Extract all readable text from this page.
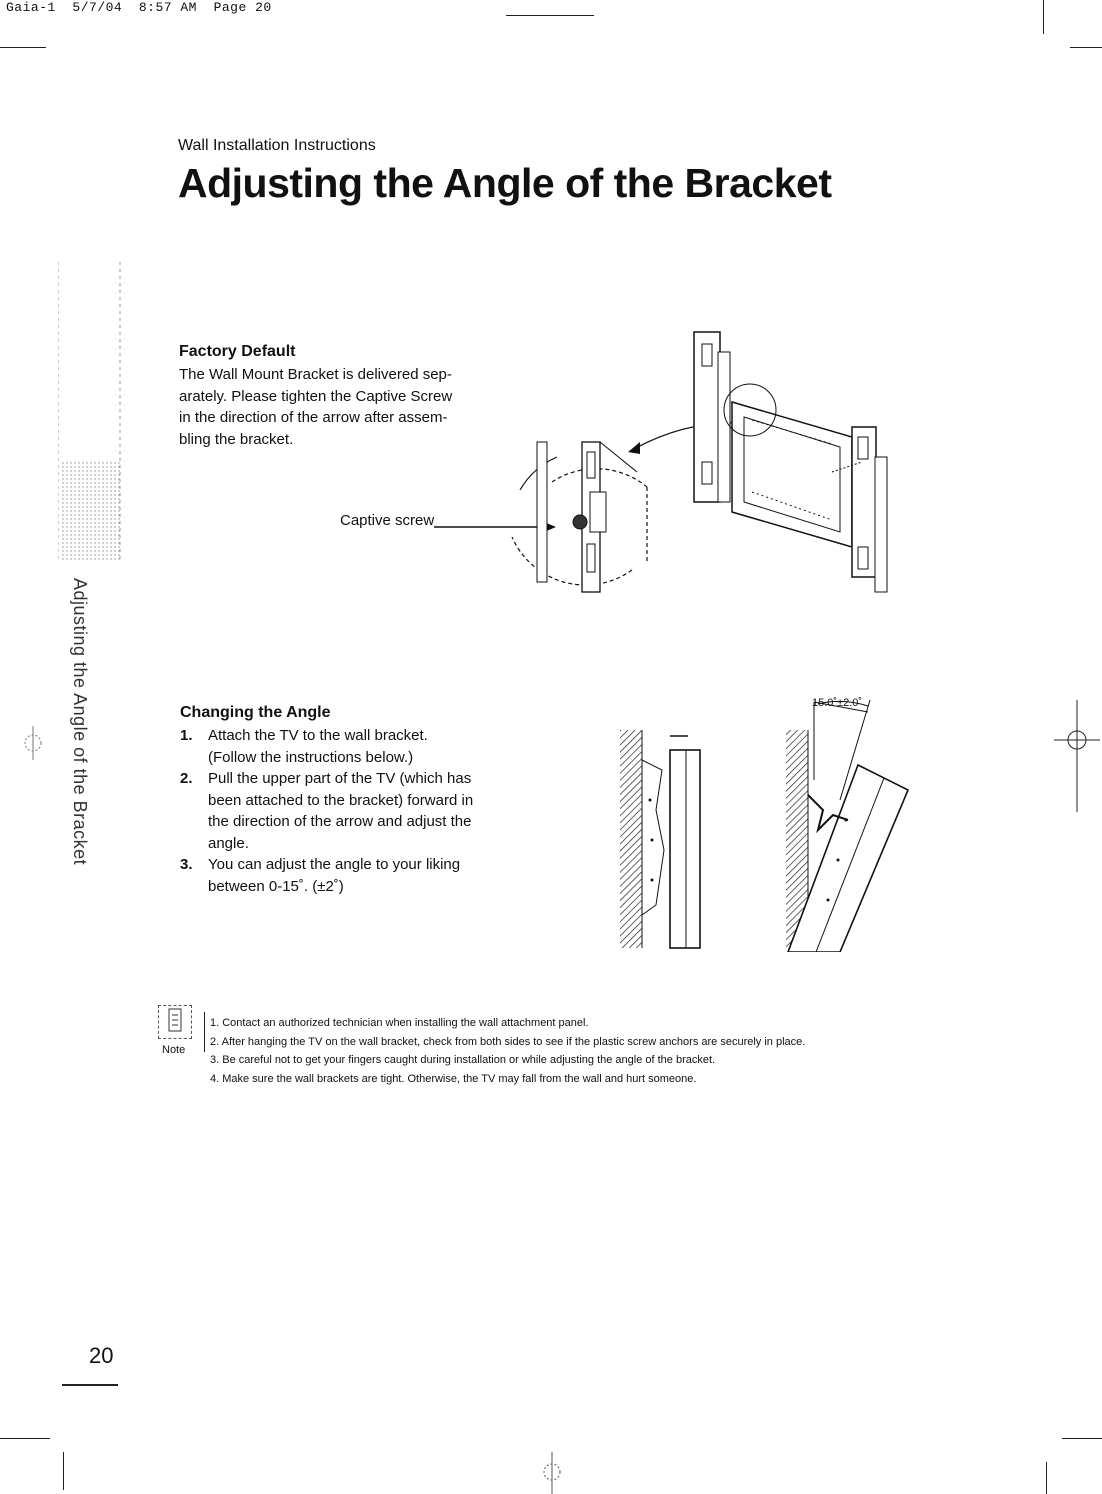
Gaia-1 5/7/04 8:57 AM Page 20
Adjusting the Angle of the Bracket
Wall Installation Instructions
Adjusting the Angle of the Bracket
Factory Default
The Wall Mount Bracket is delivered sep-
arately. Please tighten the Captive Screw
in the direction of the arrow after assem-
bling the bracket.
Captive screw
Changing the Angle
1. Attach the TV to the wall bracket.
(Follow the instructions below.)
2. Pull the upper part of the TV (which has
been attached to the bracket) forward in
the direction of the arrow and adjust the
angle.
3. You can adjust the angle to your liking
between 0-15˚. (±2˚)
15.0˚±2.0˚
Note
1. Contact an authorized technician when installing the wall attachment panel.
2. After hanging the TV on the wall bracket, check from both sides to see if the plastic screw anchors are securely in place.
3. Be careful not to get your fingers caught during installation or while adjusting the angle of the bracket.
4. Make sure the wall brackets are tight. Otherwise, the TV may fall from the wall and hurt someone.
20
